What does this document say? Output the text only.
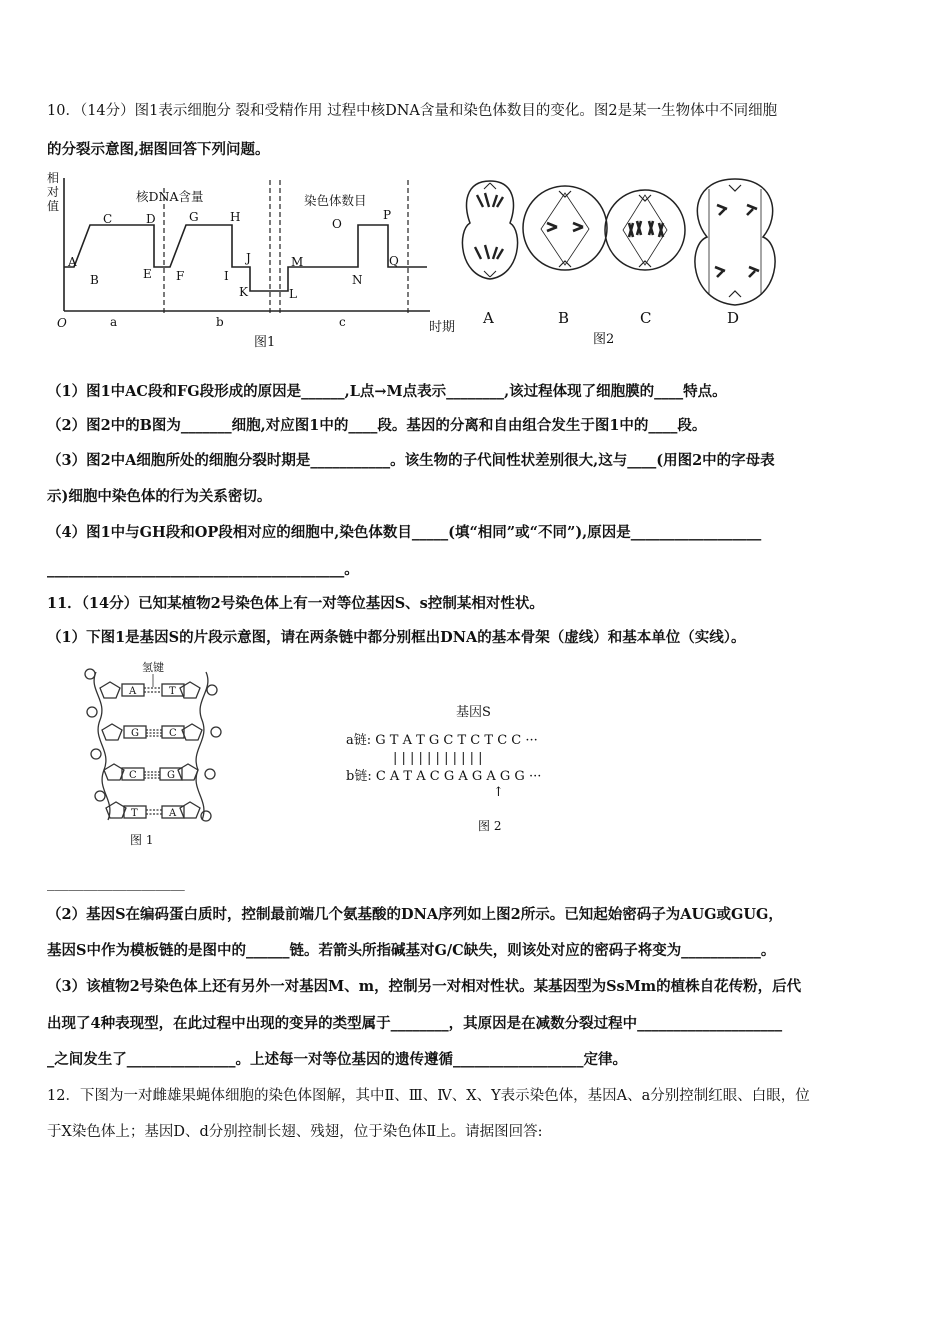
10．（14分）图1表示细胞分 裂和受精作用 过程中核DNA含量和染色体数目的变化。图2是某一生物体中不同细胞
的分裂示意图,据图回答下列问题。
相
对
值
核DNA含量	染色体数目
A
B
C	D
E F
G	H
I
J
K	L
M
N
O
P
Q
O	a	b	c	时期
图1
A	B	C	D
图2
（1）图1中AC段和FG段形成的原因是______,L点→M点表示________,该过程体现了细胞膜的____特点。
（2）图2中的B图为_______细胞,对应图1中的____段。基因的分离和自由组合发生于图1中的____段。
（3）图2中A细胞所处的细胞分裂时期是___________。该生物的子代间性状差别很大,这与____(用图2中的字母表
示)细胞中染色体的行为关系密切。
（4）图1中与GH段和OP段相对应的细胞中,染色体数目_____(填“相同”或“不同”),原因是__________________
_________________________________________。
11．（14分）已知某植物2号染色体上有一对等位基因S、s控制某相对性状。
（1）下图1是基因S的片段示意图，请在两条链中都分别框出DNA的基本骨架（虚线）和基本单位（实线）。
氢键
A	T
G	C
C	G
T	A
图 1
基因S
a链: G T A T G C T C T C C ···
| | | | | | | | | | |
b链: C A T A C G A G A G G ···
↑
图 2
___________________
（2）基因S在编码蛋白质时，控制最前端几个氨基酸的DNA序列如上图2所示。已知起始密码子为AUG或GUG，
基因S中作为模板链的是图中的______链。若箭头所指碱基对G/C缺失，则该处对应的密码子将变为___________。
（3）该植物2号染色体上还有另外一对基因M、m，控制另一对相对性状。某基因型为SsMm的植株自花传粉，后代
出现了4种表现型，在此过程中出现的变异的类型属于________，其原因是在减数分裂过程中____________________
_之间发生了_______________。上述每一对等位基因的遗传遵循__________________定律。
12．下图为一对雌雄果蝇体细胞的染色体图解，其中Ⅱ、Ⅲ、Ⅳ、X、Y表示染色体，基因A、a分别控制红眼、白眼，位
于X染色体上；基因D、d分别控制长翅、残翅，位于染色体Ⅱ上。请据图回答:
